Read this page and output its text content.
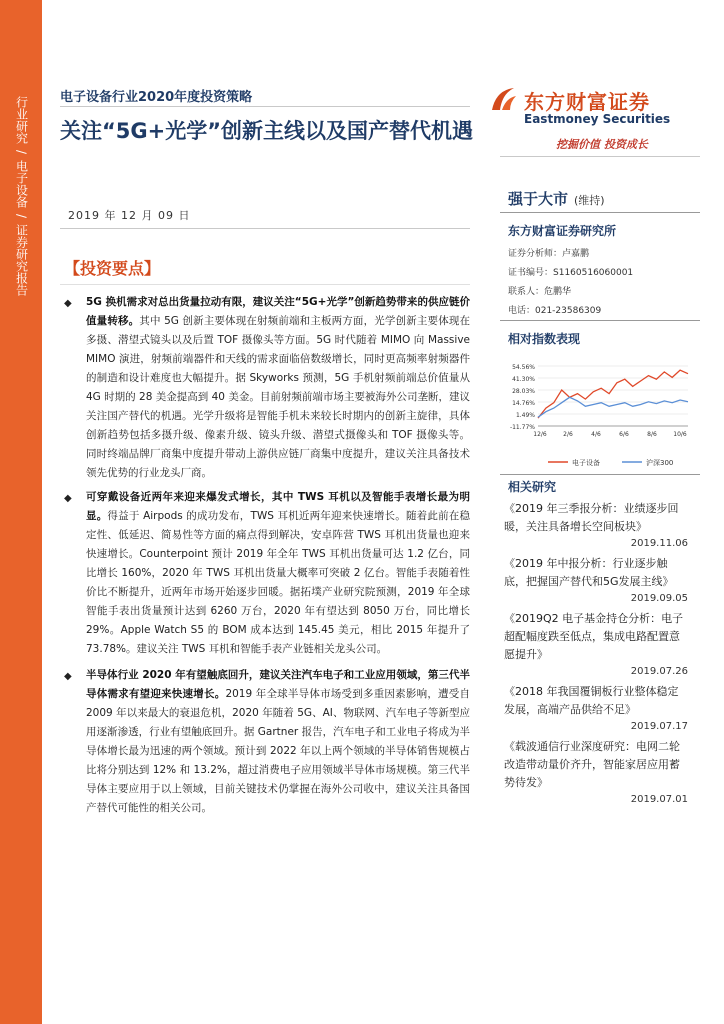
行业研究
/
电子设备
/
证券研究报告
电子设备行业2020年度投资策略
关注“5G+光学”创新主线以及国产替代机遇
东方财富证券
Eastmoney Securities
挖掘价值 投资成长
强于大市 (维持)
东方财富证券研究所
证券分析师：卢嘉鹏
证书编号：S1160516060001
联系人：危鹏华
电话：021-23586309
相对指数表现
54.56%
41.30%
28.03%
14.76%
1.49%
-11.77%
12/6	2/6	4/6	6/6	8/6	10/6
电子设备	沪深300
相关研究
《2019 年三季报分析：业绩逐步回暖，关注具备增长空间板块》
2019.11.06
《2019 年中报分析：行业逐步触底，把握国产替代和5G发展主线》
2019.09.05
《2019Q2 电子基金持仓分析：电子超配幅度跌至低点，集成电路配置意愿提升》
2019.07.26
《2018 年我国覆铜板行业整体稳定发展，高端产品供给不足》
2019.07.17
《载波通信行业深度研究：电网二轮改造带动量价齐升，智能家居应用蓄势待发》
2019.07.01
2019 年 12 月 09 日
【投资要点】
◆ 5G 换机需求对总出货量拉动有限，建议关注“5G+光学”创新趋势带来的供应链价值量转移。其中 5G 创新主要体现在射频前端和主板两方面，光学创新主要体现在多摄、潜望式镜头以及后置 TOF 摄像头等方面。5G 时代随着 MIMO 向 Massive MIMO 演进，射频前端器件和天线的需求面临倍数级增长，同时更高频率射频器件的制造和设计难度也大幅提升。据 Skyworks 预测，5G 手机射频前端总价值量从 4G 时期的 28 美金提高到 40 美金。目前射频前端市场主要被海外公司垄断，建议关注国产替代的机遇。光学升级将是智能手机未来较长时期内的创新主旋律，具体创新趋势包括多摄升级、像素升级、镜头升级、潜望式摄像头和 TOF 摄像头等。同时终端品牌厂商集中度提升带动上游供应链厂商集中度提升，建议关注具备技术领先优势的行业龙头厂商。
◆ 可穿戴设备近两年来迎来爆发式增长，其中 TWS 耳机以及智能手表增长最为明显。得益于 Airpods 的成功发布，TWS 耳机近两年迎来快速增长。随着此前在稳定性、低延迟、简易性等方面的痛点得到解决，安卓阵营 TWS 耳机出货量也迎来快速增长。Counterpoint 预计 2019 年全年 TWS 耳机出货量可达 1.2 亿台，同比增长 160%，2020 年 TWS 耳机出货量大概率可突破 2 亿台。智能手表随着性价比不断提升，近两年市场开始逐步回暖。据拓墣产业研究院预测，2019 年全球智能手表出货量预计达到 6260 万台，2020 年有望达到 8050 万台，同比增长 29%。Apple Watch S5 的 BOM 成本达到 145.45 美元，相比 2015 年提升了 73.78%。建议关注 TWS 耳机和智能手表产业链相关龙头公司。
◆ 半导体行业 2020 年有望触底回升，建议关注汽车电子和工业应用领域，第三代半导体需求有望迎来快速增长。2019 年全球半导体市场受到多重因素影响，遭受自 2009 年以来最大的衰退危机，2020 年随着 5G、AI、物联网、汽车电子等新型应用逐渐渗透，行业有望触底回升。据 Gartner 报告，汽车电子和工业电子将成为半导体增长最为迅速的两个领域。预计到 2022 年以上两个领域的半导体销售规模占比将分别达到 12% 和 13.2%，超过消费电子应用领域半导体市场规模。第三代半导体主要应用于以上领域，目前关键技术仍掌握在海外公司收中，建议关注具备国产替代可能性的相关公司。
